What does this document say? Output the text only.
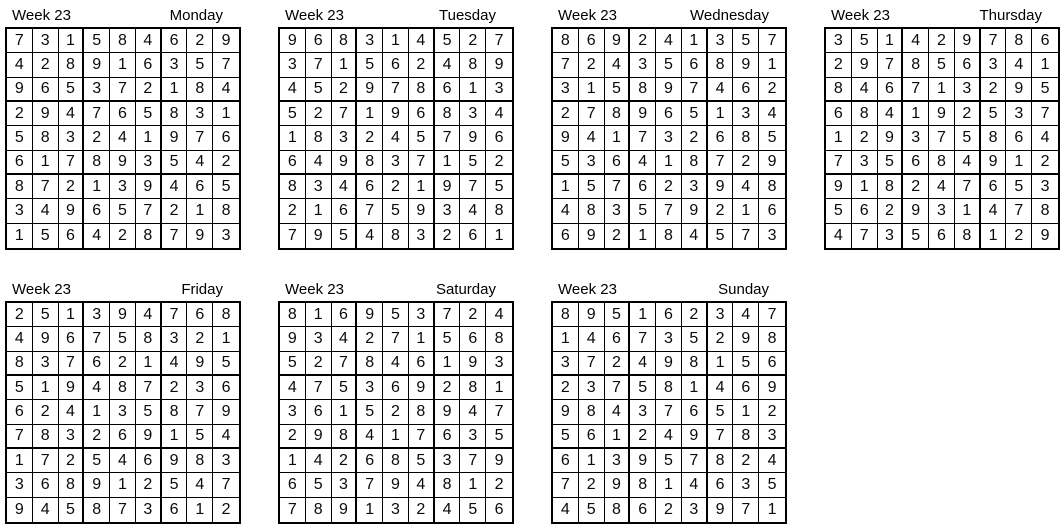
Week 23	Monday
7	3	1	5	8	4	6	2	9
4	2	8	9	1	6	3	5	7
9	6	5	3	7	2	1	8	4
2	9	4	7	6	5	8	3	1
5	8	3	2	4	1	9	7	6
6	1	7	8	9	3	5	4	2
8	7	2	1	3	9	4	6	5
3	4	9	6	5	7	2	1	8
1	5	6	4	2	8	7	9	3
Week 23	Tuesday
9	6	8	3	1	4	5	2	7
3	7	1	5	6	2	4	8	9
4	5	2	9	7	8	6	1	3
5	2	7	1	9	6	8	3	4
1	8	3	2	4	5	7	9	6
6	4	9	8	3	7	1	5	2
8	3	4	6	2	1	9	7	5
2	1	6	7	5	9	3	4	8
7	9	5	4	8	3	2	6	1
Week 23	Wednesday
8	6	9	2	4	1	3	5	7
7	2	4	3	5	6	8	9	1
3	1	5	8	9	7	4	6	2
2	7	8	9	6	5	1	3	4
9	4	1	7	3	2	6	8	5
5	3	6	4	1	8	7	2	9
1	5	7	6	2	3	9	4	8
4	8	3	5	7	9	2	1	6
6	9	2	1	8	4	5	7	3
Week 23	Thursday
3	5	1	4	2	9	7	8	6
2	9	7	8	5	6	3	4	1
8	4	6	7	1	3	2	9	5
6	8	4	1	9	2	5	3	7
1	2	9	3	7	5	8	6	4
7	3	5	6	8	4	9	1	2
9	1	8	2	4	7	6	5	3
5	6	2	9	3	1	4	7	8
4	7	3	5	6	8	1	2	9
Week 23	Friday
2	5	1	3	9	4	7	6	8
4	9	6	7	5	8	3	2	1
8	3	7	6	2	1	4	9	5
5	1	9	4	8	7	2	3	6
6	2	4	1	3	5	8	7	9
7	8	3	2	6	9	1	5	4
1	7	2	5	4	6	9	8	3
3	6	8	9	1	2	5	4	7
9	4	5	8	7	3	6	1	2
Week 23	Saturday
8	1	6	9	5	3	7	2	4
9	3	4	2	7	1	5	6	8
5	2	7	8	4	6	1	9	3
4	7	5	3	6	9	2	8	1
3	6	1	5	2	8	9	4	7
2	9	8	4	1	7	6	3	5
1	4	2	6	8	5	3	7	9
6	5	3	7	9	4	8	1	2
7	8	9	1	3	2	4	5	6
Week 23	Sunday
8	9	5	1	6	2	3	4	7
1	4	6	7	3	5	2	9	8
3	7	2	4	9	8	1	5	6
2	3	7	5	8	1	4	6	9
9	8	4	3	7	6	5	1	2
5	6	1	2	4	9	7	8	3
6	1	3	9	5	7	8	2	4
7	2	9	8	1	4	6	3	5
4	5	8	6	2	3	9	7	1
